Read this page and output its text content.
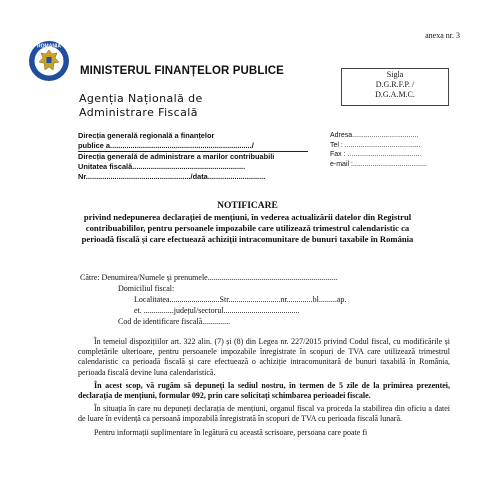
anexa nr. 3
ROMANIA
MINISTERUL FINANȚELOR PUBLICE
Agenția Națională de
Administrare Fiscală
Sigla
D.G.R.F.P. /
D.G.A.M.C.
Direcția generală regională a finanțelor
publice a...................................................................../
Direcția generală de administrare a marilor contribuabili
Unitatea fiscală.......................................................
Nr.................................................../data............................
Adresa..................................
Tel : .......................................
Fax : ......................................
e-mail :......................................
NOTIFICARE
privind nedepunerea declarației de mențiuni, în vederea actualizării datelor din Registrul contribuabililor, pentru persoanele impozabile care utilizează trimestrul calendaristic ca perioadă fiscală și care efectuează achiziții intracomunitare de bunuri taxabile în România
Către: Denumirea/Numele și prenumele.................................................................
Domiciliul fiscal:
Localitatea.........................Str..........................nr.............bl.........ap.
et. ...............județul/sectorul......................................
Cod de identificare fiscală..............

În temeiul dispozițiilor art. 322 alin. (7) și (8) din Legea nr. 227/2015 privind Codul fiscal, cu modificările și completările ulterioare, pentru persoanele impozabile înregistrate în scopuri de TVA care utilizează trimestrul calendaristic ca perioadă fiscală și care efectuează o achiziție intracomunitară de bunuri taxabilă în România, perioada fiscală devine luna calendaristică.

În acest scop, vă rugăm să depuneți la sediul nostru, în termen de 5 zile de la primirea prezentei, declarația de mențiuni, formular 092, prin care solicitați schimbarea perioadei fiscale.

În situația în care nu depuneți declarația de mențiuni, organul fiscal va proceda la stabilirea din oficiu a datei de luare în evidență ca persoană impozabilă înregistrată în scopuri de TVA cu perioada fiscală lunară.

Pentru informații suplimentare în legătură cu această scrisoare, persoana care poate fi
